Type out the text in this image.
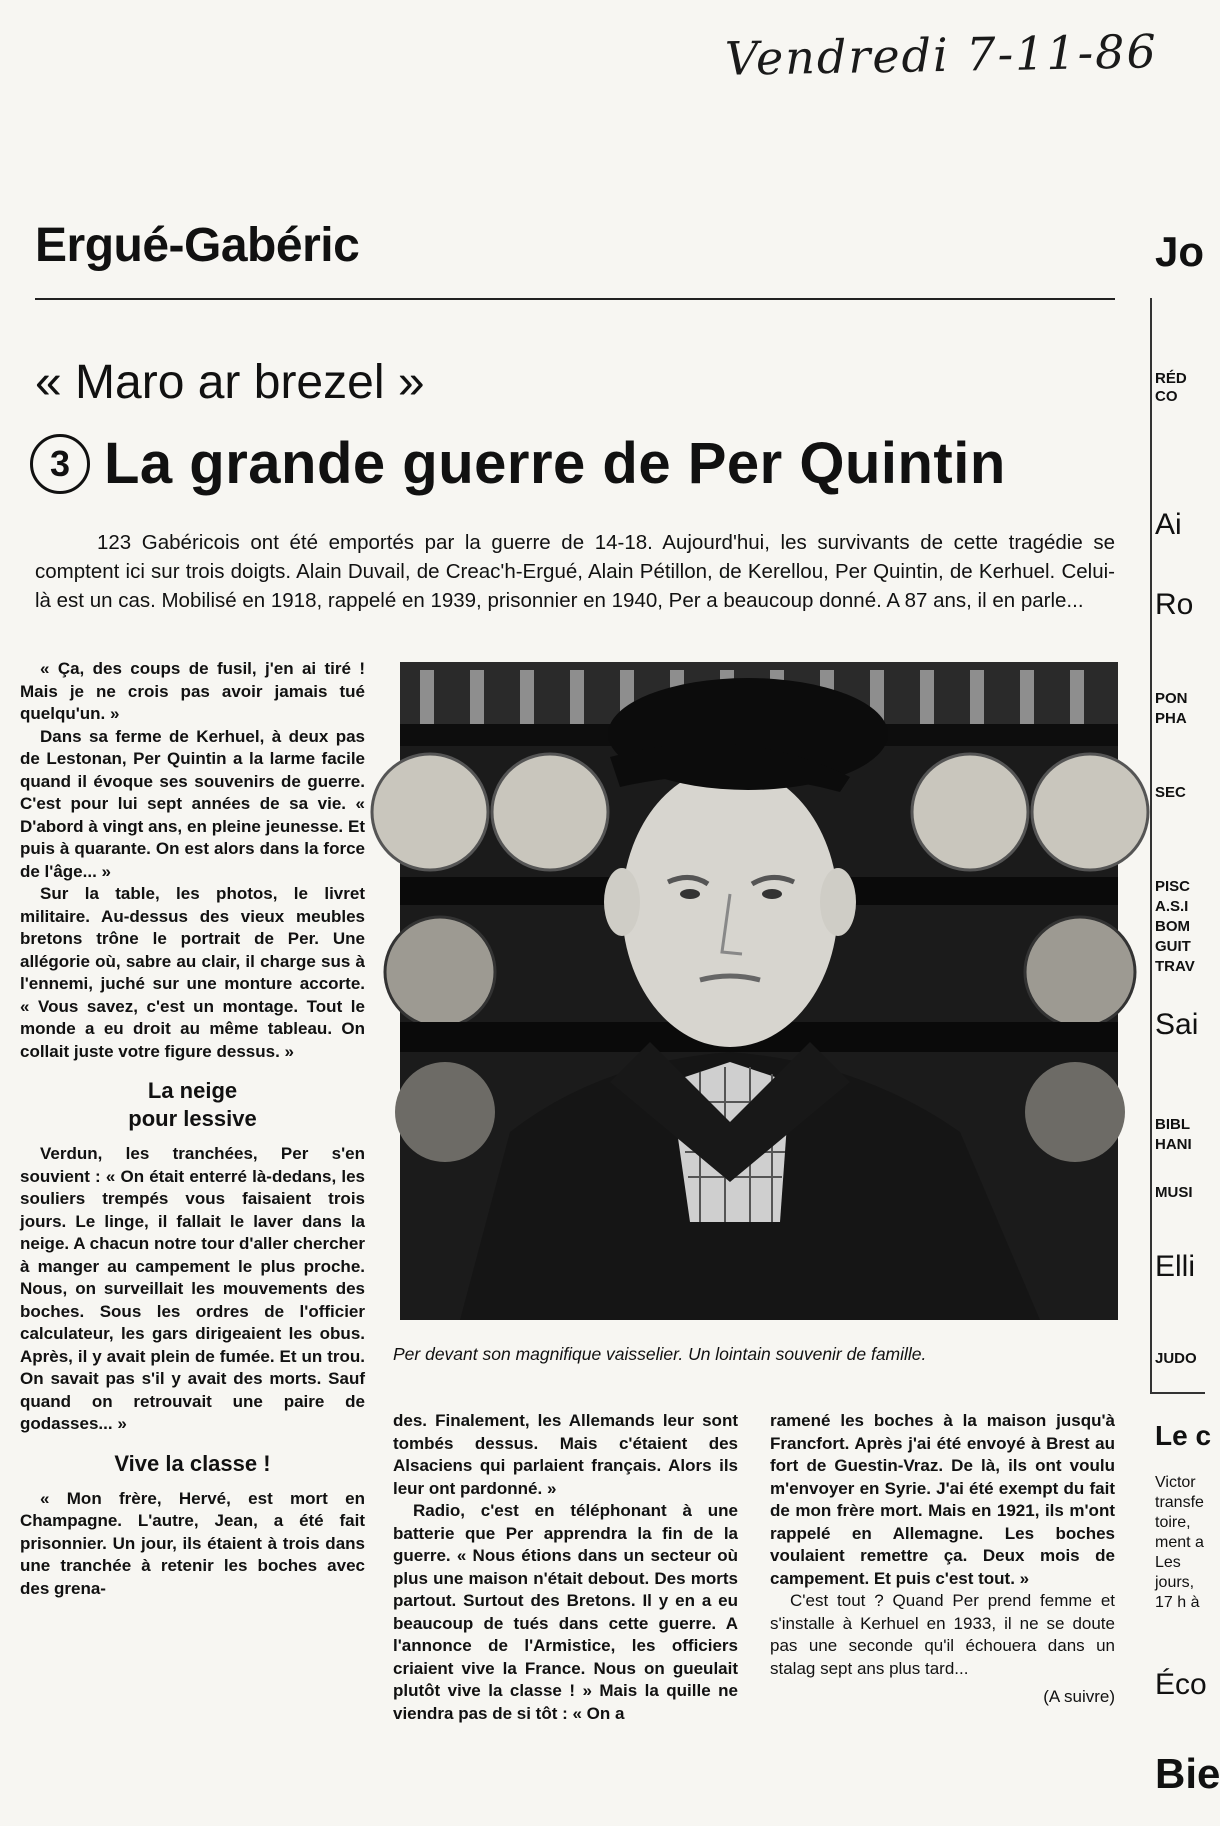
Vendredi 7-11-86
Ergué-Gabéric
« Maro ar brezel »
3 La grande guerre de Per Quintin
123 Gabéricois ont été emportés par la guerre de 14-18. Aujourd'hui, les survivants de cette tragédie se comptent ici sur trois doigts. Alain Duvail, de Creac'h-Ergué, Alain Pétillon, de Kerellou, Per Quintin, de Kerhuel. Celui-là est un cas. Mobilisé en 1918, rappelé en 1939, prisonnier en 1940, Per a beaucoup donné. A 87 ans, il en parle...

« Ça, des coups de fusil, j'en ai tiré ! Mais je ne crois pas avoir jamais tué quelqu'un. »

Dans sa ferme de Kerhuel, à deux pas de Lestonan, Per Quintin a la larme facile quand il évoque ses souvenirs de guerre. C'est pour lui sept années de sa vie. « D'abord à vingt ans, en pleine jeunesse. Et puis à quarante. On est alors dans la force de l'âge... »

Sur la table, les photos, le livret militaire. Au-dessus des vieux meubles bretons trône le portrait de Per. Une allégorie où, sabre au clair, il charge sus à l'ennemi, juché sur une monture accorte. « Vous savez, c'est un montage. Tout le monde a eu droit au même tableau. On collait juste votre figure dessus. »

La neige
pour lessive

Verdun, les tranchées, Per s'en souvient : « On était enterré là-dedans, les souliers trempés vous faisaient trois jours. Le linge, il fallait le laver dans la neige. A chacun notre tour d'aller chercher à manger au campement le plus proche. Nous, on surveillait les mouvements des boches. Sous les ordres de l'officier calculateur, les gars dirigeaient les obus. Après, il y avait plein de fumée. Et un trou. On savait pas s'il y avait des morts. Sauf quand on retrouvait une paire de godasses... »

Vive la classe !

« Mon frère, Hervé, est mort en Champagne. L'autre, Jean, a été fait prisonnier. Un jour, ils étaient à trois dans une tranchée à retenir les boches avec des grena-

Per devant son magnifique vaisselier. Un lointain souvenir de famille.

des. Finalement, les Allemands leur sont tombés dessus. Mais c'étaient des Alsaciens qui parlaient français. Alors ils leur ont pardonné. »

Radio, c'est en téléphonant à une batterie que Per apprendra la fin de la guerre. « Nous étions dans un secteur où plus une maison n'était debout. Des morts partout. Surtout des Bretons. Il y en a eu beaucoup de tués dans cette guerre. A l'annonce de l'Armistice, les officiers criaient vive la France. Nous on gueulait plutôt vive la classe ! » Mais la quille ne viendra pas de si tôt : « On a

ramené les boches à la maison jusqu'à Francfort. Après j'ai été envoyé à Brest au fort de Guestin-Vraz. De là, ils ont voulu m'envoyer en Syrie. J'ai été exempt du fait de mon frère mort. Mais en 1921, ils m'ont rappelé en Allemagne. Les boches voulaient remettre ça. Deux mois de campement. Et puis c'est tout. »

C'est tout ? Quand Per prend femme et s'installe à Kerhuel en 1933, il ne se doute pas une seconde qu'il échouera dans un stalag sept ans plus tard...

(A suivre)
Jo
RÉD
CO
Ai
Ro
PON
PHA
SEC
PISC
A.S.I
BOM
GUIT
TRAV
Sai
BIBL
HANI
MUSI
Elli
JUDO
Le c
Victor
transfe
toire,
ment a
Les
jours,
17 h à
Éco
Bie
